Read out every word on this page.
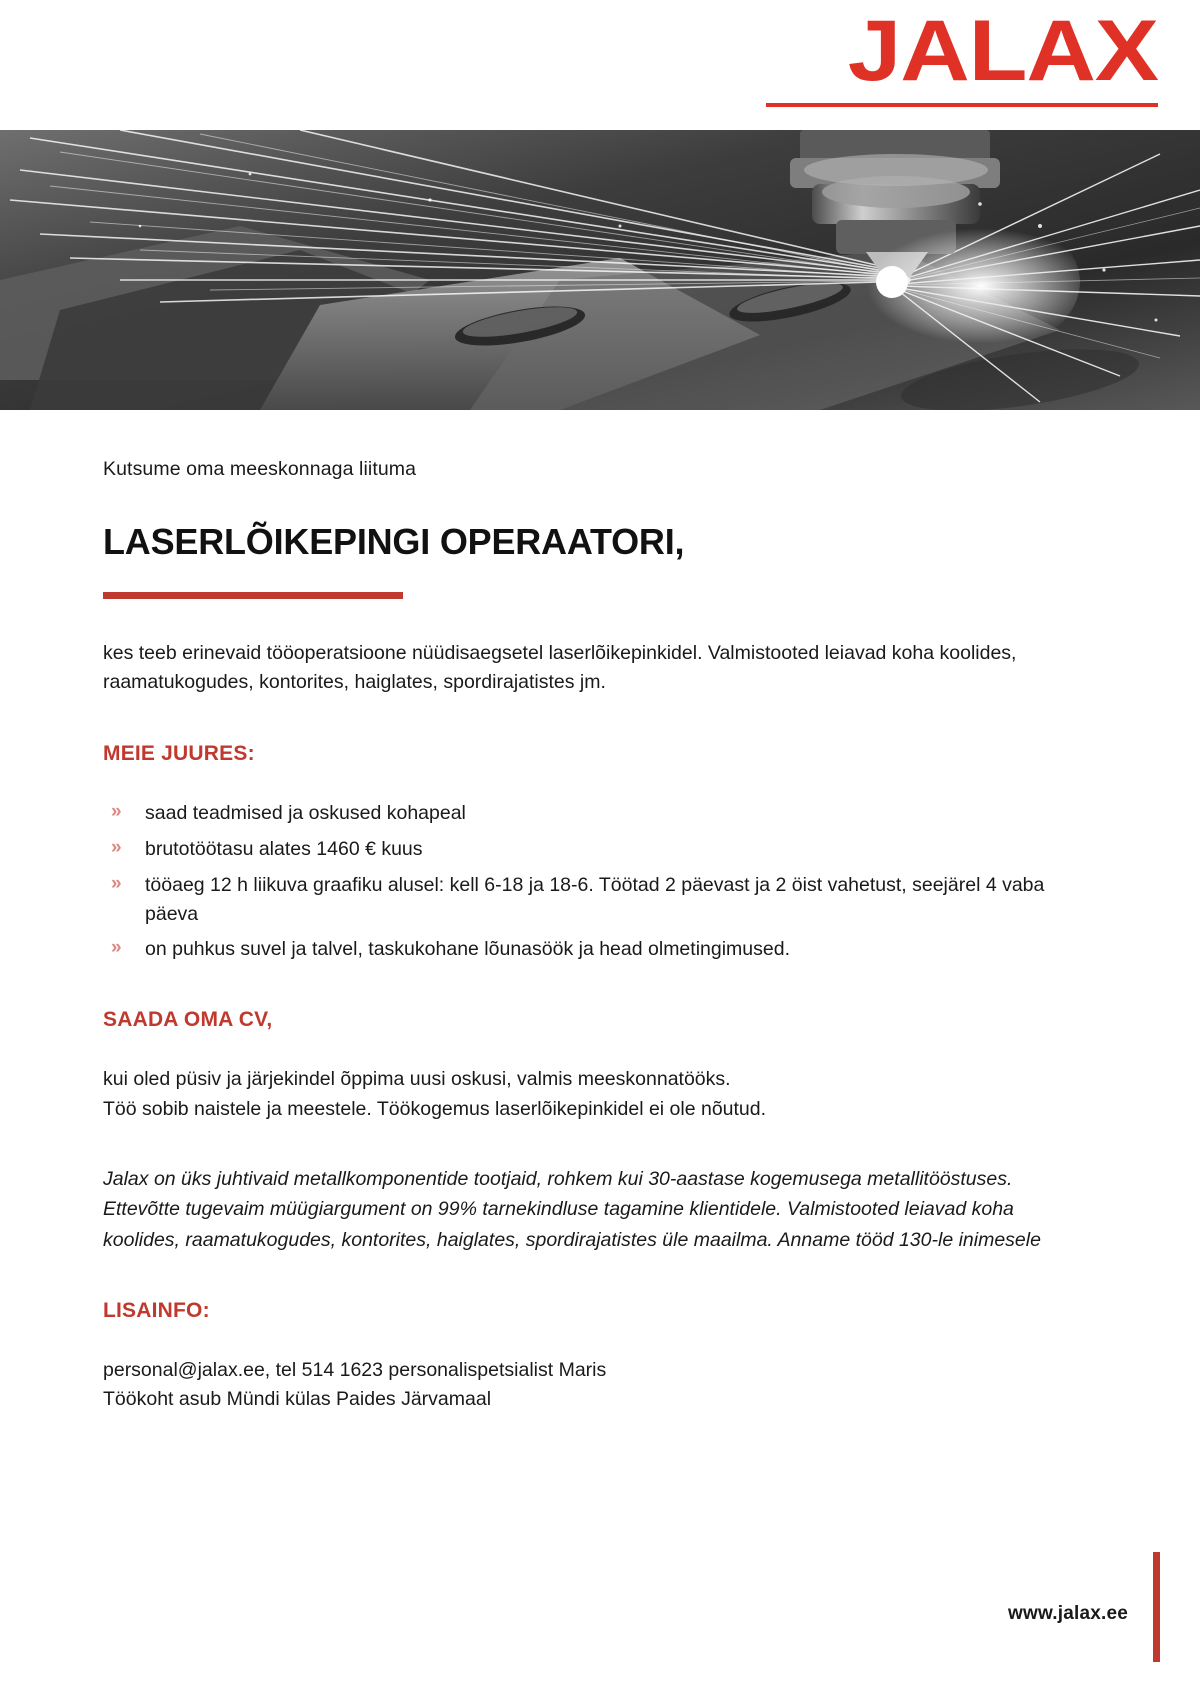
JALAX

Kutsume oma meeskonnaga liituma

LASERLÕIKEPINGI OPERAATORI,

kes teeb erinevaid tööoperatsioone nüüdisaegsetel laserlõikepinkidel. Valmistooted leiavad koha koolides, raamatukogudes, kontorites, haiglates, spordirajatistes jm.

MEIE JUURES:
» saad teadmised ja oskused kohapeal
» brutotöötasu alates 1460 € kuus
» tööaeg 12 h liikuva graafiku alusel: kell 6-18 ja 18-6. Töötad 2 päevast ja 2 öist vahetust, seejärel 4 vaba päeva
» on puhkus suvel ja talvel, taskukohane lõunasöök ja head olmetingimused.
SAADA OMA CV,
kui oled püsiv ja järjekindel õppima uusi oskusi, valmis meeskonnatööks.
Töö sobib naistele ja meestele. Töökogemus laserlõikepinkidel ei ole nõutud.

Jalax on üks juhtivaid metallkomponentide tootjaid, rohkem kui 30-aastase kogemusega metallitööstuses. Ettevõtte tugevaim müügiargument on 99% tarnekindluse tagamine klientidele. Valmistooted leiavad koha koolides, raamatukogudes, kontorites, haiglates, spordirajatistes üle maailma. Anname tööd 130-le inimesele

LISAINFO:
personal@jalax.ee, tel 514 1623 personalispetsialist Maris
Töökoht asub Mündi külas Paides Järvamaal
www.jalax.ee
